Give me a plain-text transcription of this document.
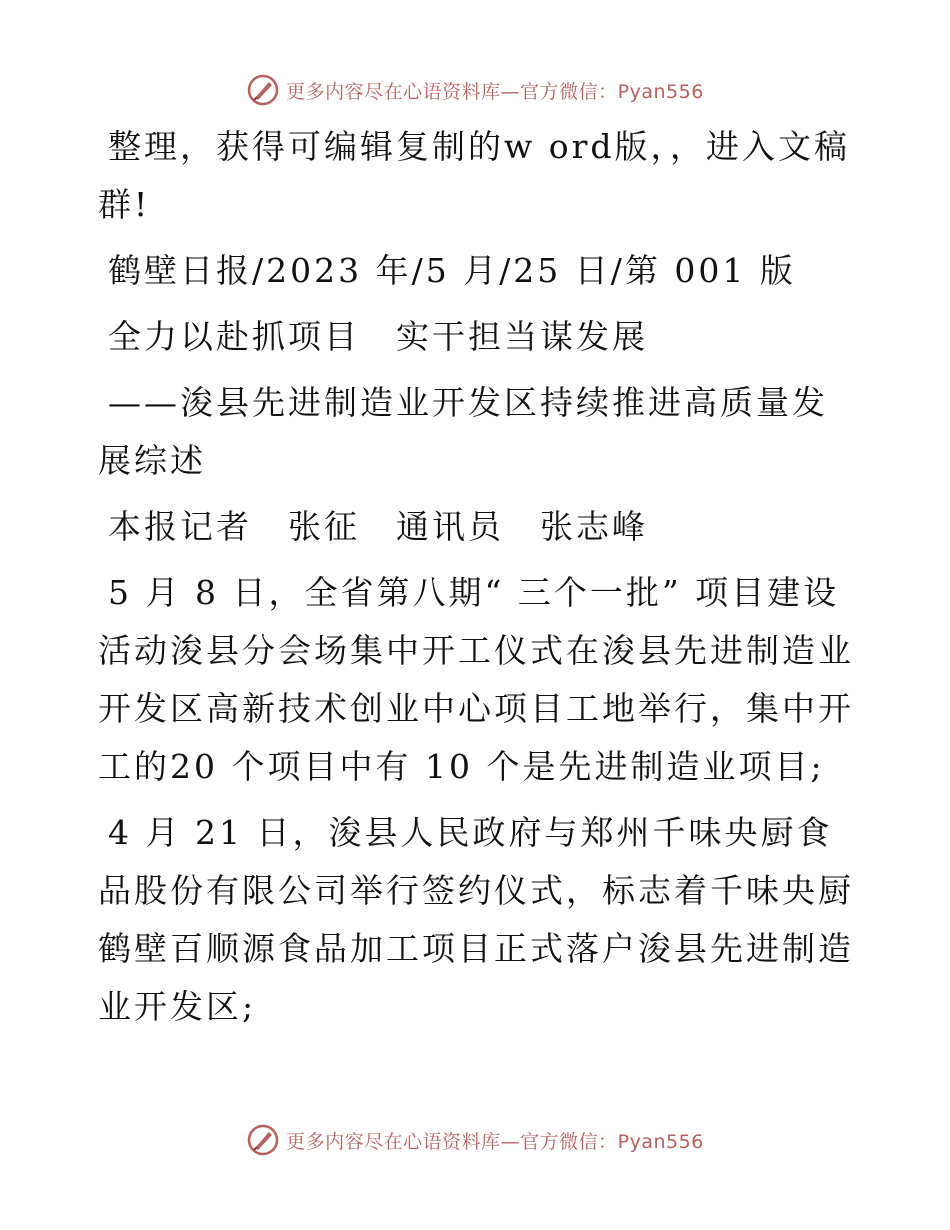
更多内容尽在心语资料库—官方微信：Pyan556

整理，获得可编辑复制的w ord版，，进入文稿群!

鹤壁日报/2023 年/5 月/25 日/第 001 版

全力以赴抓项目　实干担当谋发展

——浚县先进制造业开发区持续推进高质量发展综述

本报记者　张征　通讯员　张志峰

5 月 8 日，全省第八期“ 三个一批” 项目建设活动浚县分会场集中开工仪式在浚县先进制造业开发区高新技术创业中心项目工地举行，集中开工的20 个项目中有 10 个是先进制造业项目;

4 月 21 日，浚县人民政府与郑州千味央厨食品股份有限公司举行签约仪式，标志着千味央厨鹤壁百顺源食品加工项目正式落户浚县先进制造业开发区;

更多内容尽在心语资料库—官方微信：Pyan556
